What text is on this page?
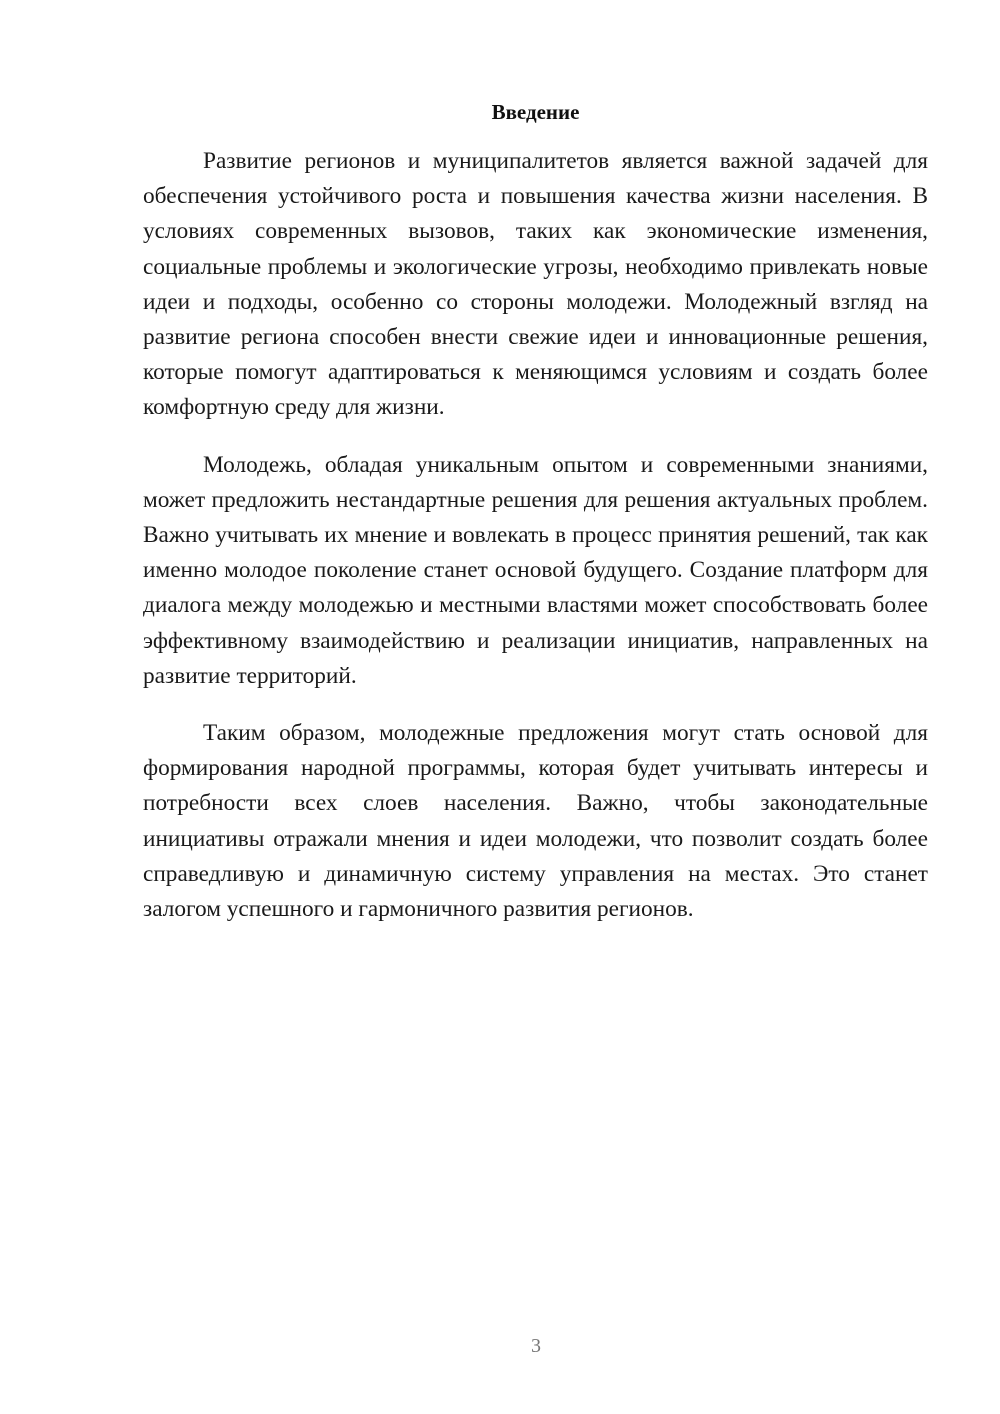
Введение

Развитие регионов и муниципалитетов является важной задачей для обеспечения устойчивого роста и повышения качества жизни населения. В условиях современных вызовов, таких как экономические изменения, социальные проблемы и экологические угрозы, необходимо привлекать новые идеи и подходы, особенно со стороны молодежи. Молодежный взгляд на развитие региона способен внести свежие идеи и инновационные решения, которые помогут адаптироваться к меняющимся условиям и создать более комфортную среду для жизни.

Молодежь, обладая уникальным опытом и современными знаниями, может предложить нестандартные решения для решения актуальных проблем. Важно учитывать их мнение и вовлекать в процесс принятия решений, так как именно молодое поколение станет основой будущего. Создание платформ для диалога между молодежью и местными властями может способствовать более эффективному взаимодействию и реализации инициатив, направленных на развитие территорий.

Таким образом, молодежные предложения могут стать основой для формирования народной программы, которая будет учитывать интересы и потребности всех слоев населения. Важно, чтобы законодательные инициативы отражали мнения и идеи молодежи, что позволит создать более справедливую и динамичную систему управления на местах. Это станет залогом успешного и гармоничного развития регионов.

3
